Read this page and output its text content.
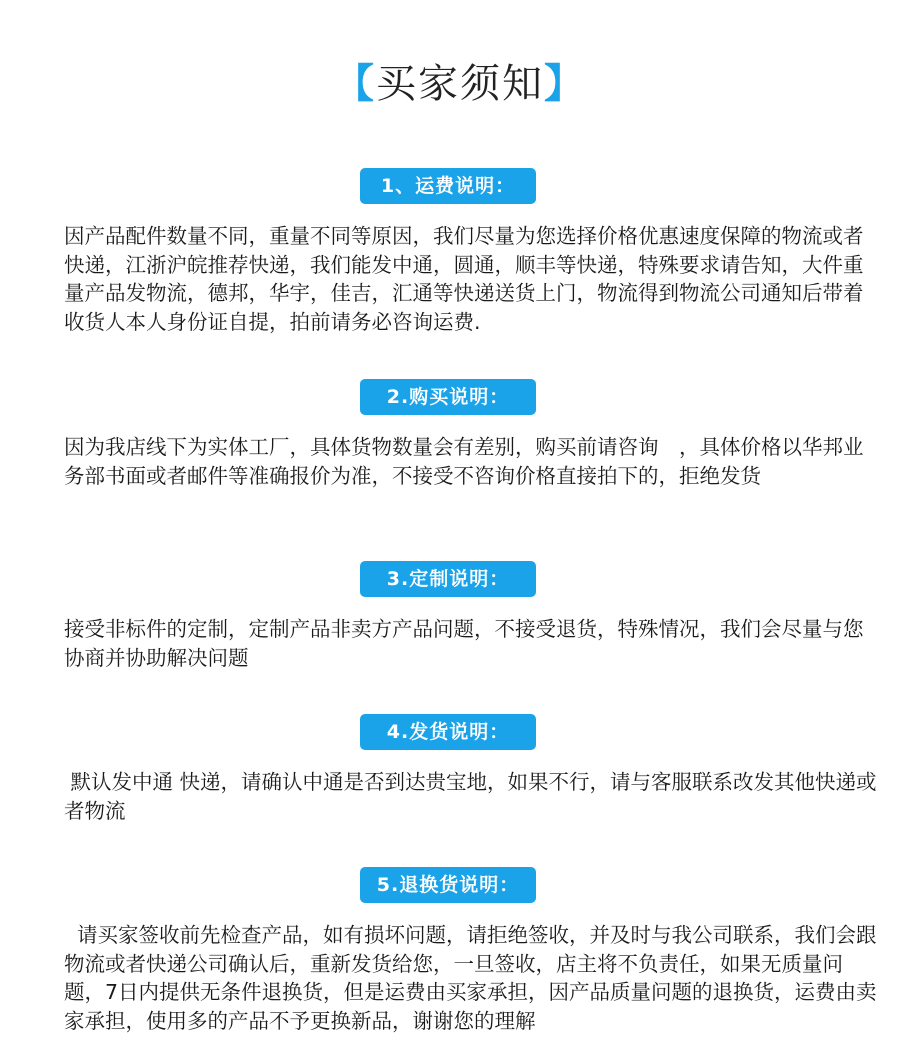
【买家须知】
1、运费说明：

因产品配件数量不同，重量不同等原因，我们尽量为您选择价格优惠速度保障的物流或者快递，江浙沪皖推荐快递，我们能发中通，圆通，顺丰等快递，特殊要求请告知，大件重量产品发物流，德邦，华宇，佳吉，汇通等快递送货上门，物流得到物流公司通知后带着收货人本人身份证自提，拍前请务必咨询运费.

2.购买说明：

因为我店线下为实体工厂，具体货物数量会有差别，购买前请咨询　，具体价格以华邦业务部书面或者邮件等准确报价为准，不接受不咨询价格直接拍下的，拒绝发货

3.定制说明：

接受非标件的定制，定制产品非卖方产品问题，不接受退货，特殊情况，我们会尽量与您协商并协助解决问题

4.发货说明：

默认发中通 快递，请确认中通是否到达贵宝地，如果不行，请与客服联系改发其他快递或者物流

5.退换货说明：

请买家签收前先检查产品，如有损坏问题，请拒绝签收，并及时与我公司联系，我们会跟物流或者快递公司确认后，重新发货给您，一旦签收，店主将不负责任，如果无质量问题，7日内提供无条件退换货，但是运费由买家承担，因产品质量问题的退换货，运费由卖家承担，使用多的产品不予更换新品，谢谢您的理解
